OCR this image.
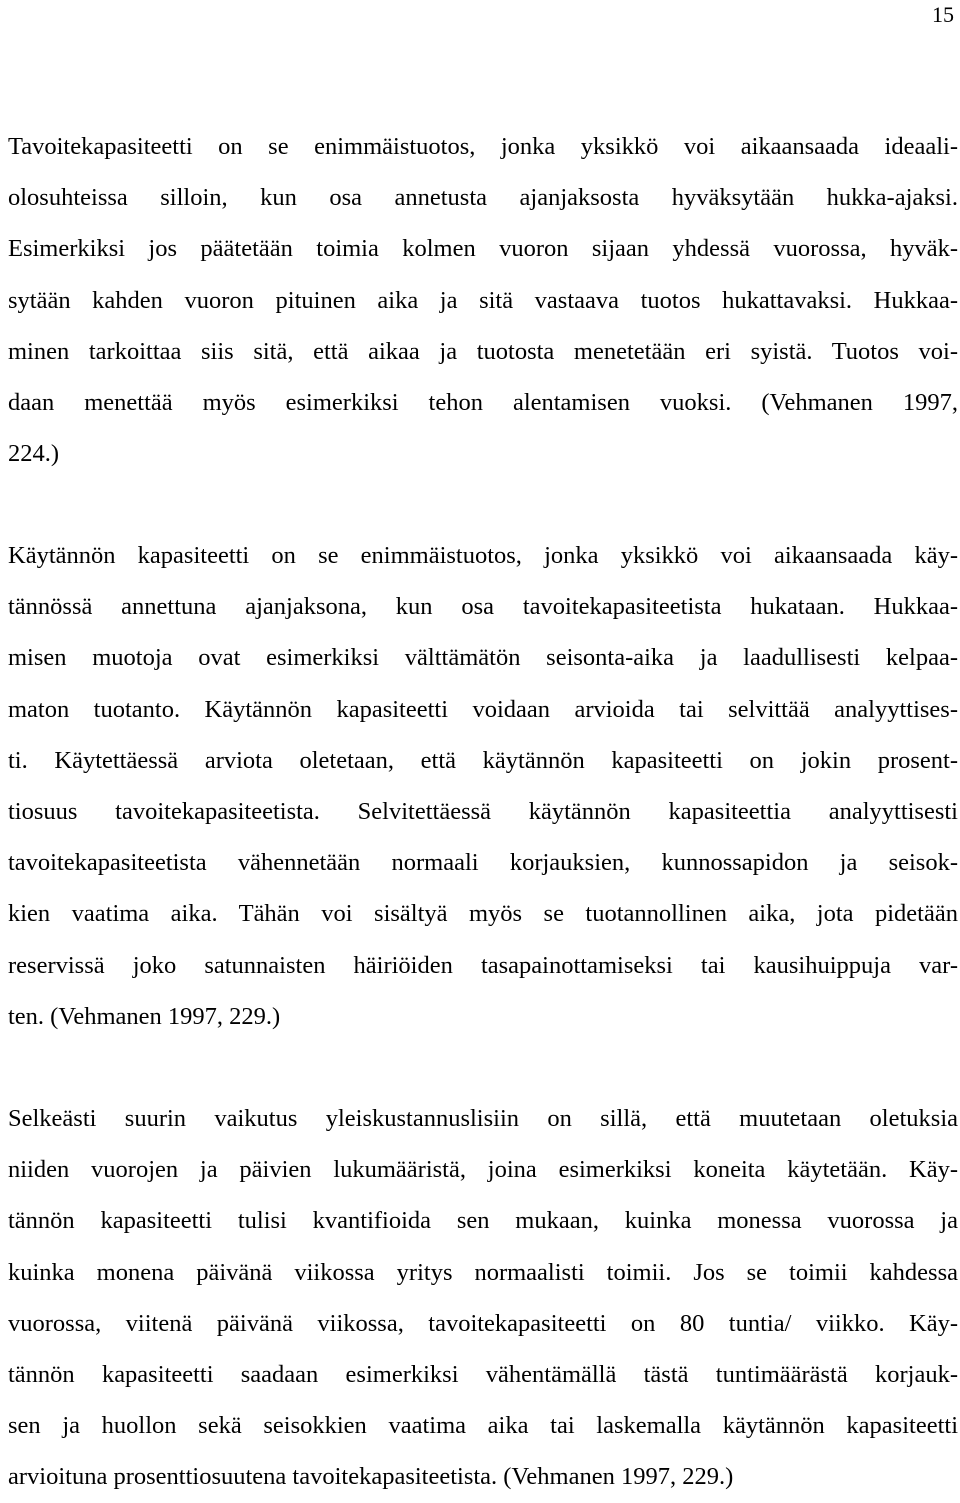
15
Tavoitekapasiteetti on se enimmäistuotos, jonka yksikkö voi aikaansaada ideaali-
olosuhteissa silloin, kun osa annetusta ajanjaksosta hyväksytään hukka-ajaksi.
Esimerkiksi jos päätetään toimia kolmen vuoron sijaan yhdessä vuorossa, hyväk-
sytään kahden vuoron pituinen aika ja sitä vastaava tuotos hukattavaksi. Hukkaa-
minen tarkoittaa siis sitä, että aikaa ja tuotosta menetetään eri syistä. Tuotos voi-
daan menettää myös esimerkiksi tehon alentamisen vuoksi. (Vehmanen 1997,
224.)
Käytännön kapasiteetti on se enimmäistuotos, jonka yksikkö voi aikaansaada käy-
tännössä annettuna ajanjaksona, kun osa tavoitekapasiteetista hukataan. Hukkaa-
misen muotoja ovat esimerkiksi välttämätön seisonta-aika ja laadullisesti kelpaa-
maton tuotanto. Käytännön kapasiteetti voidaan arvioida tai selvittää analyyttises-
ti. Käytettäessä arviota oletetaan, että käytännön kapasiteetti on jokin prosent-
tiosuus tavoitekapasiteetista. Selvitettäessä käytännön kapasiteettia analyyttisesti
tavoitekapasiteetista vähennetään normaali korjauksien, kunnossapidon ja seisok-
kien vaatima aika. Tähän voi sisältyä myös se tuotannollinen aika, jota pidetään
reservissä joko satunnaisten häiriöiden tasapainottamiseksi tai kausihuippuja var-
ten. (Vehmanen 1997, 229.)
Selkeästi suurin vaikutus yleiskustannuslisiin on sillä, että muutetaan oletuksia
niiden vuorojen ja päivien lukumääristä, joina esimerkiksi koneita käytetään. Käy-
tännön kapasiteetti tulisi kvantifioida sen mukaan, kuinka monessa vuorossa ja
kuinka monena päivänä viikossa yritys normaalisti toimii. Jos se toimii kahdessa
vuorossa, viitenä päivänä viikossa, tavoitekapasiteetti on 80 tuntia/ viikko. Käy-
tännön kapasiteetti saadaan esimerkiksi vähentämällä tästä tuntimäärästä korjauk-
sen ja huollon sekä seisokkien vaatima aika tai laskemalla käytännön kapasiteetti
arvioituna prosenttiosuutena tavoitekapasiteetista. (Vehmanen 1997, 229.)
